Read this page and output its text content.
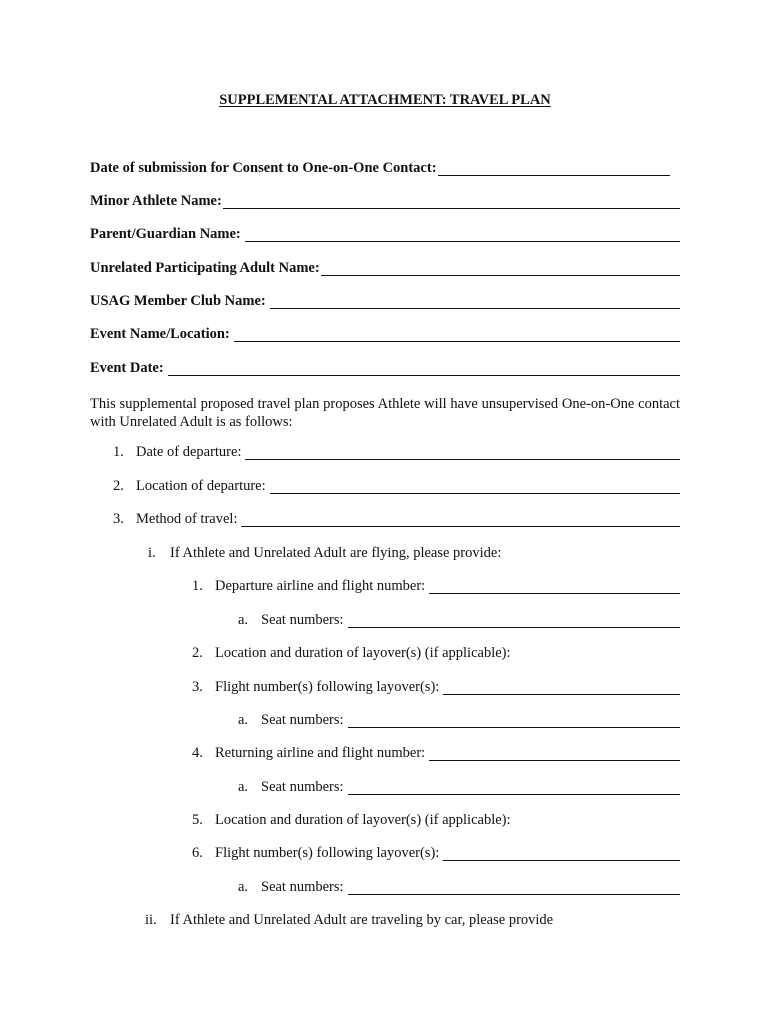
SUPPLEMENTAL ATTACHMENT: TRAVEL PLAN
Date of submission for Consent to One-on-One Contact:
Minor Athlete Name:
Parent/Guardian Name:
Unrelated Participating Adult Name:
USAG Member Club Name:
Event Name/Location:
Event Date:
This supplemental proposed travel plan proposes Athlete will have unsupervised One-on-One contact with Unrelated Adult is as follows:
1. Date of departure:
2. Location of departure:
3. Method of travel:
i. If Athlete and Unrelated Adult are flying, please provide:
1. Departure airline and flight number:
a. Seat numbers:
2. Location and duration of layover(s) (if applicable):
3. Flight number(s) following layover(s):
a. Seat numbers:
4. Returning airline and flight number:
a. Seat numbers:
5. Location and duration of layover(s) (if applicable):
6. Flight number(s) following layover(s):
a. Seat numbers:
ii. If Athlete and Unrelated Adult are traveling by car, please provide
